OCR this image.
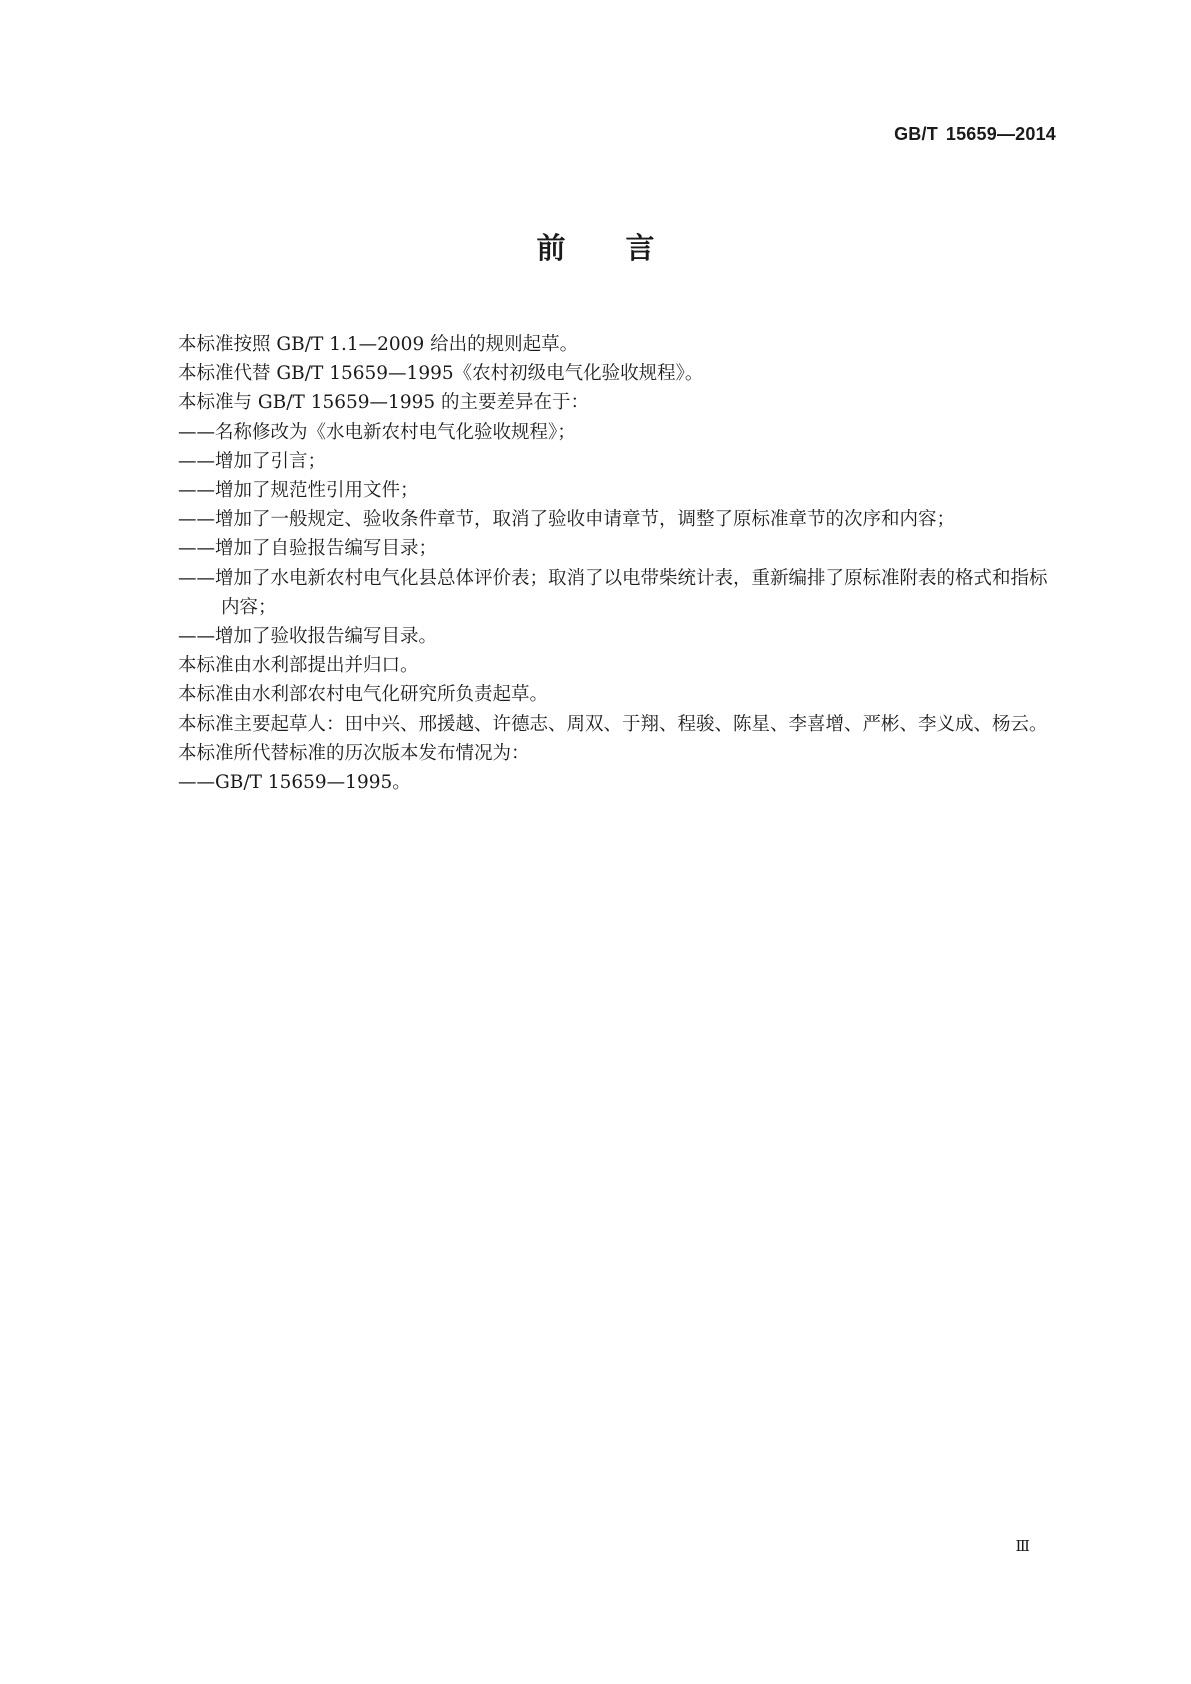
GB/T 15659—2014
前言
本标准按照 GB/T 1.1—2009 给出的规则起草。
本标准代替 GB/T 15659—1995《农村初级电气化验收规程》。
本标准与 GB/T 15659—1995 的主要差异在于：
——名称修改为《水电新农村电气化验收规程》；
——增加了引言；
——增加了规范性引用文件；
——增加了一般规定、验收条件章节，取消了验收申请章节，调整了原标准章节的次序和内容；
——增加了自验报告编写目录；
——增加了水电新农村电气化县总体评价表；取消了以电带柴统计表，重新编排了原标准附表的格式和指标内容；
——增加了验收报告编写目录。
本标准由水利部提出并归口。
本标准由水利部农村电气化研究所负责起草。
本标准主要起草人：田中兴、邢援越、许德志、周双、于翔、程骏、陈星、李喜增、严彬、李义成、杨云。
本标准所代替标准的历次版本发布情况为：
——GB/T 15659—1995。
Ⅲ
